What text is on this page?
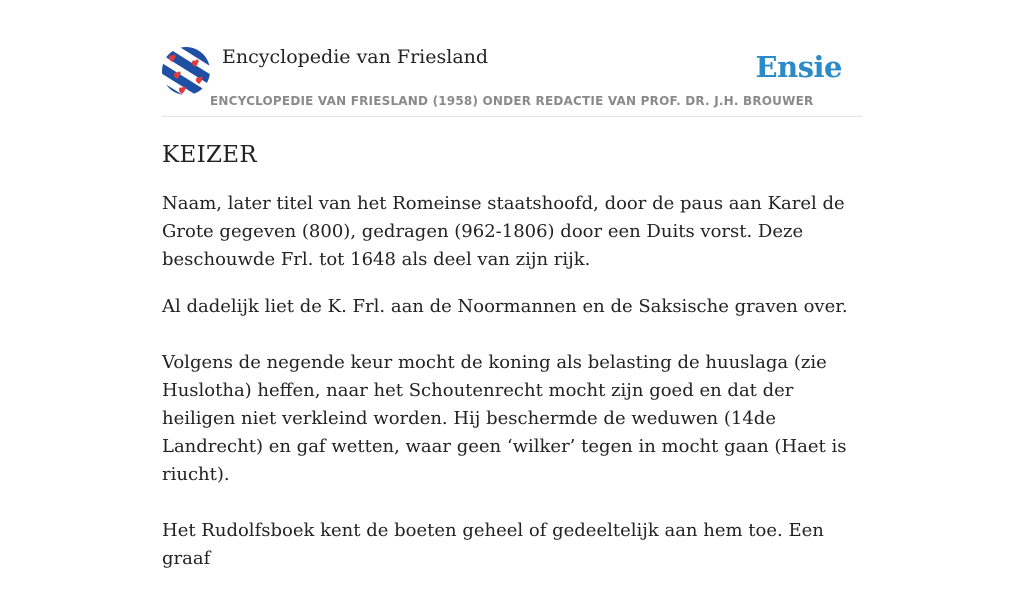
Encyclopedie van Friesland	Ensie
ENCYCLOPEDIE VAN FRIESLAND (1958) ONDER REDACTIE VAN PROF. DR. J.H. BROUWER
KEIZER

Naam, later titel van het Romeinse staatshoofd, door de paus aan Karel de Grote gegeven (800), gedragen (962-1806) door een Duits vorst. Deze beschouwde Frl. tot 1648 als deel van zijn rijk.

Al dadelijk liet de K. Frl. aan de Noormannen en de Saksische graven over.

Volgens de negende keur mocht de koning als belasting de huuslaga (zie Huslotha) heffen, naar het Schoutenrecht mocht zijn goed en dat der heiligen niet verkleind worden. Hij beschermde de weduwen (14de Landrecht) en gaf wetten, waar geen ‘wilker’ tegen in mocht gaan (Haet is riucht).

Het Rudolfsboek kent de boeten geheel of gedeeltelijk aan hem toe. Een graaf
